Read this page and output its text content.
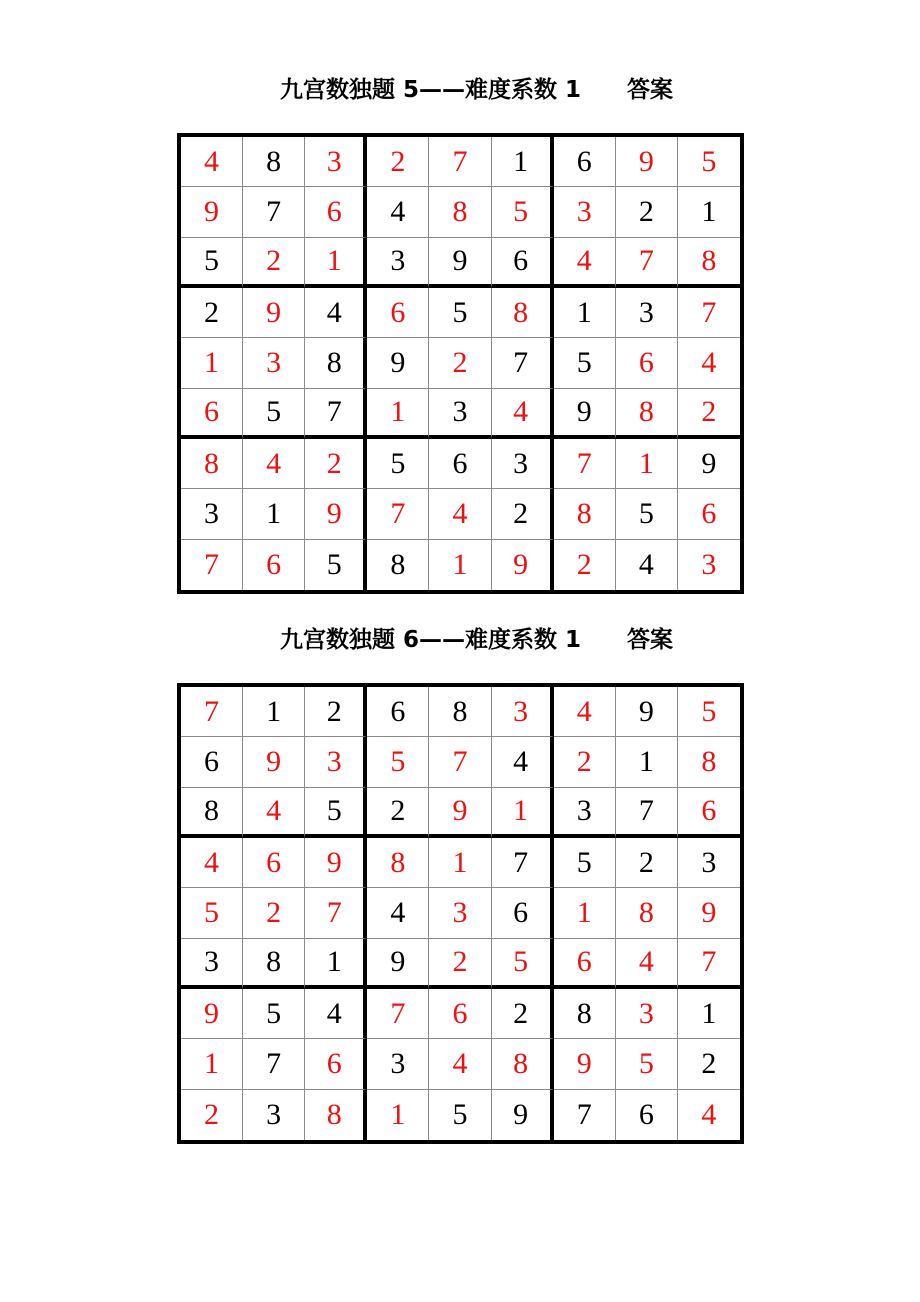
九宫数独题 5——难度系数 1 答案
4	8	3	2	7	1	6	9	5
9	7	6	4	8	5	3	2	1
5	2	1	3	9	6	4	7	8
2	9	4	6	5	8	1	3	7
1	3	8	9	2	7	5	6	4
6	5	7	1	3	4	9	8	2
8	4	2	5	6	3	7	1	9
3	1	9	7	4	2	8	5	6
7	6	5	8	1	9	2	4	3
九宫数独题 6——难度系数 1 答案
7	1	2	6	8	3	4	9	5
6	9	3	5	7	4	2	1	8
8	4	5	2	9	1	3	7	6
4	6	9	8	1	7	5	2	3
5	2	7	4	3	6	1	8	9
3	8	1	9	2	5	6	4	7
9	5	4	7	6	2	8	3	1
1	7	6	3	4	8	9	5	2
2	3	8	1	5	9	7	6	4
